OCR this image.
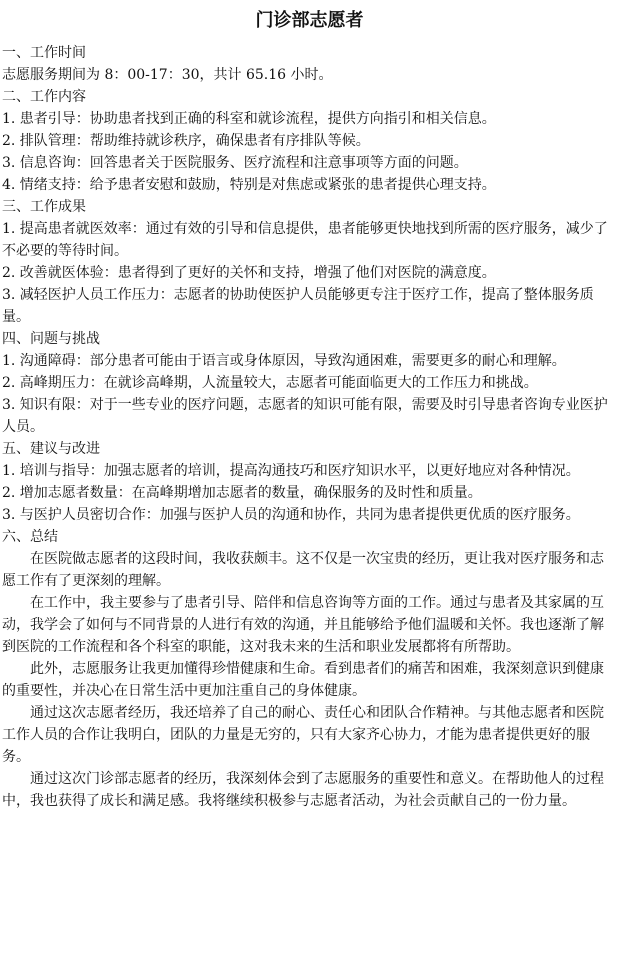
门诊部志愿者

一、工作时间

志愿服务期间为 8：00-17：30，共计 65.16 小时。

二、工作内容

1. 患者引导：协助患者找到正确的科室和就诊流程，提供方向指引和相关信息。

2. 排队管理：帮助维持就诊秩序，确保患者有序排队等候。

3. 信息咨询：回答患者关于医院服务、医疗流程和注意事项等方面的问题。

4. 情绪支持：给予患者安慰和鼓励，特别是对焦虑或紧张的患者提供心理支持。

三、工作成果

1. 提高患者就医效率：通过有效的引导和信息提供，患者能够更快地找到所需的医疗服务，减少了不必要的等待时间。

2. 改善就医体验：患者得到了更好的关怀和支持，增强了他们对医院的满意度。

3. 减轻医护人员工作压力：志愿者的协助使医护人员能够更专注于医疗工作，提高了整体服务质量。

四、问题与挑战

1. 沟通障碍：部分患者可能由于语言或身体原因，导致沟通困难，需要更多的耐心和理解。

2. 高峰期压力：在就诊高峰期，人流量较大，志愿者可能面临更大的工作压力和挑战。

3. 知识有限：对于一些专业的医疗问题，志愿者的知识可能有限，需要及时引导患者咨询专业医护人员。

五、建议与改进

1. 培训与指导：加强志愿者的培训，提高沟通技巧和医疗知识水平，以更好地应对各种情况。

2. 增加志愿者数量：在高峰期增加志愿者的数量，确保服务的及时性和质量。

3. 与医护人员密切合作：加强与医护人员的沟通和协作，共同为患者提供更优质的医疗服务。

六、总结

在医院做志愿者的这段时间，我收获颇丰。这不仅是一次宝贵的经历，更让我对医疗服务和志愿工作有了更深刻的理解。

在工作中，我主要参与了患者引导、陪伴和信息咨询等方面的工作。通过与患者及其家属的互动，我学会了如何与不同背景的人进行有效的沟通，并且能够给予他们温暖和关怀。我也逐渐了解到医院的工作流程和各个科室的职能，这对我未来的生活和职业发展都将有所帮助。

此外，志愿服务让我更加懂得珍惜健康和生命。看到患者们的痛苦和困难，我深刻意识到健康的重要性，并决心在日常生活中更加注重自己的身体健康。

通过这次志愿者经历，我还培养了自己的耐心、责任心和团队合作精神。与其他志愿者和医院工作人员的合作让我明白，团队的力量是无穷的，只有大家齐心协力，才能为患者提供更好的服务。

通过这次门诊部志愿者的经历，我深刻体会到了志愿服务的重要性和意义。在帮助他人的过程中，我也获得了成长和满足感。我将继续积极参与志愿者活动，为社会贡献自己的一份力量。
